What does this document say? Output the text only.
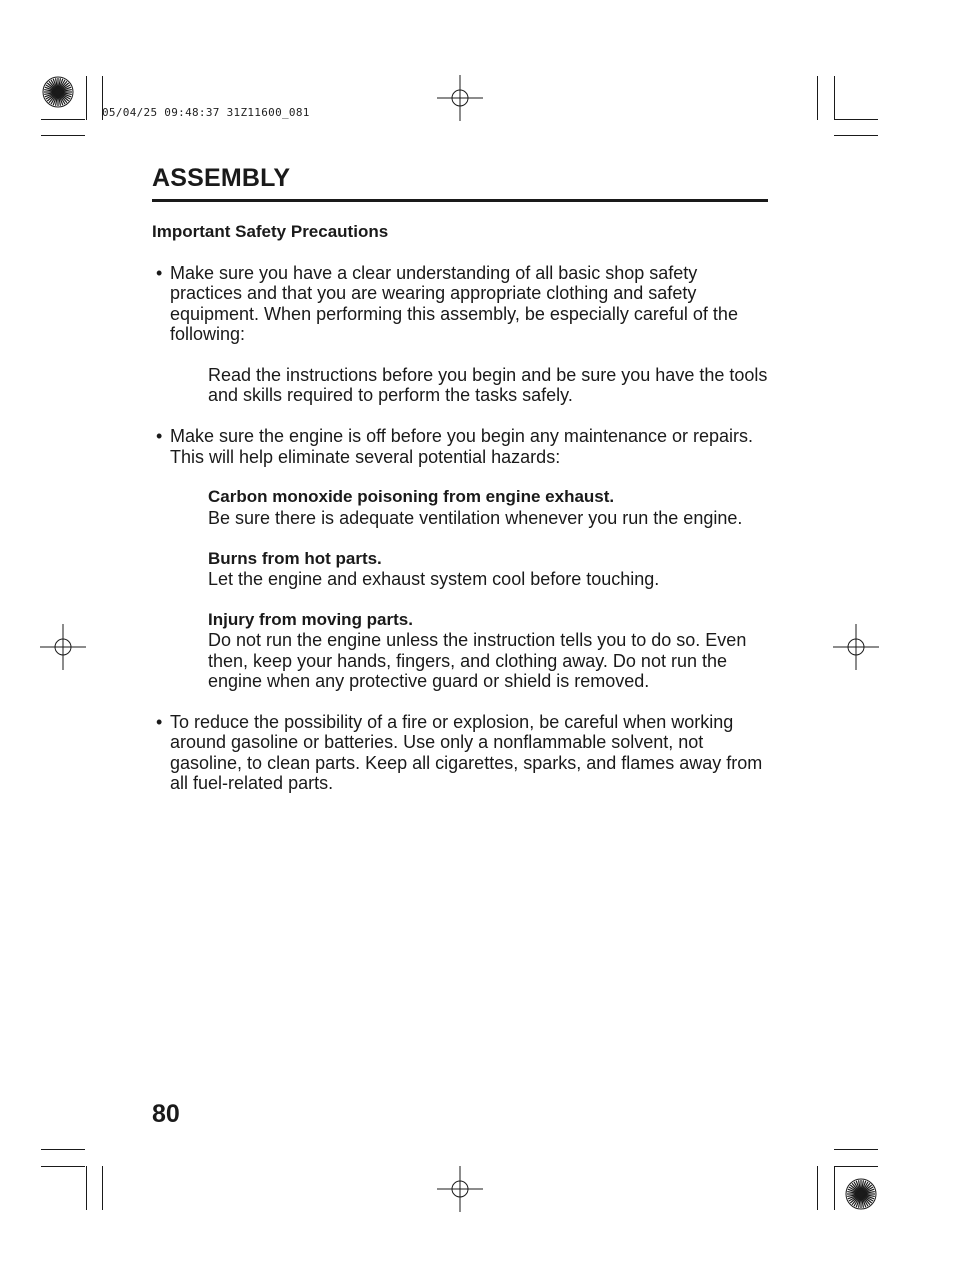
05/04/25 09:48:37 31Z11600_081
ASSEMBLY
Important Safety Precautions

• Make sure you have a clear understanding of all basic shop safety practices and that you are wearing appropriate clothing and safety equipment. When performing this assembly, be especially careful of the following:

Read the instructions before you begin and be sure you have the tools and skills required to perform the tasks safely.

• Make sure the engine is off before you begin any maintenance or repairs. This will help eliminate several potential hazards:

Carbon monoxide poisoning from engine exhaust.
Be sure there is adequate ventilation whenever you run the engine.

Burns from hot parts.
Let the engine and exhaust system cool before touching.

Injury from moving parts.
Do not run the engine unless the instruction tells you to do so. Even then, keep your hands, fingers, and clothing away. Do not run the engine when any protective guard or shield is removed.

• To reduce the possibility of a fire or explosion, be careful when working around gasoline or batteries. Use only a nonflammable solvent, not gasoline, to clean parts. Keep all cigarettes, sparks, and flames away from all fuel-related parts.

80
